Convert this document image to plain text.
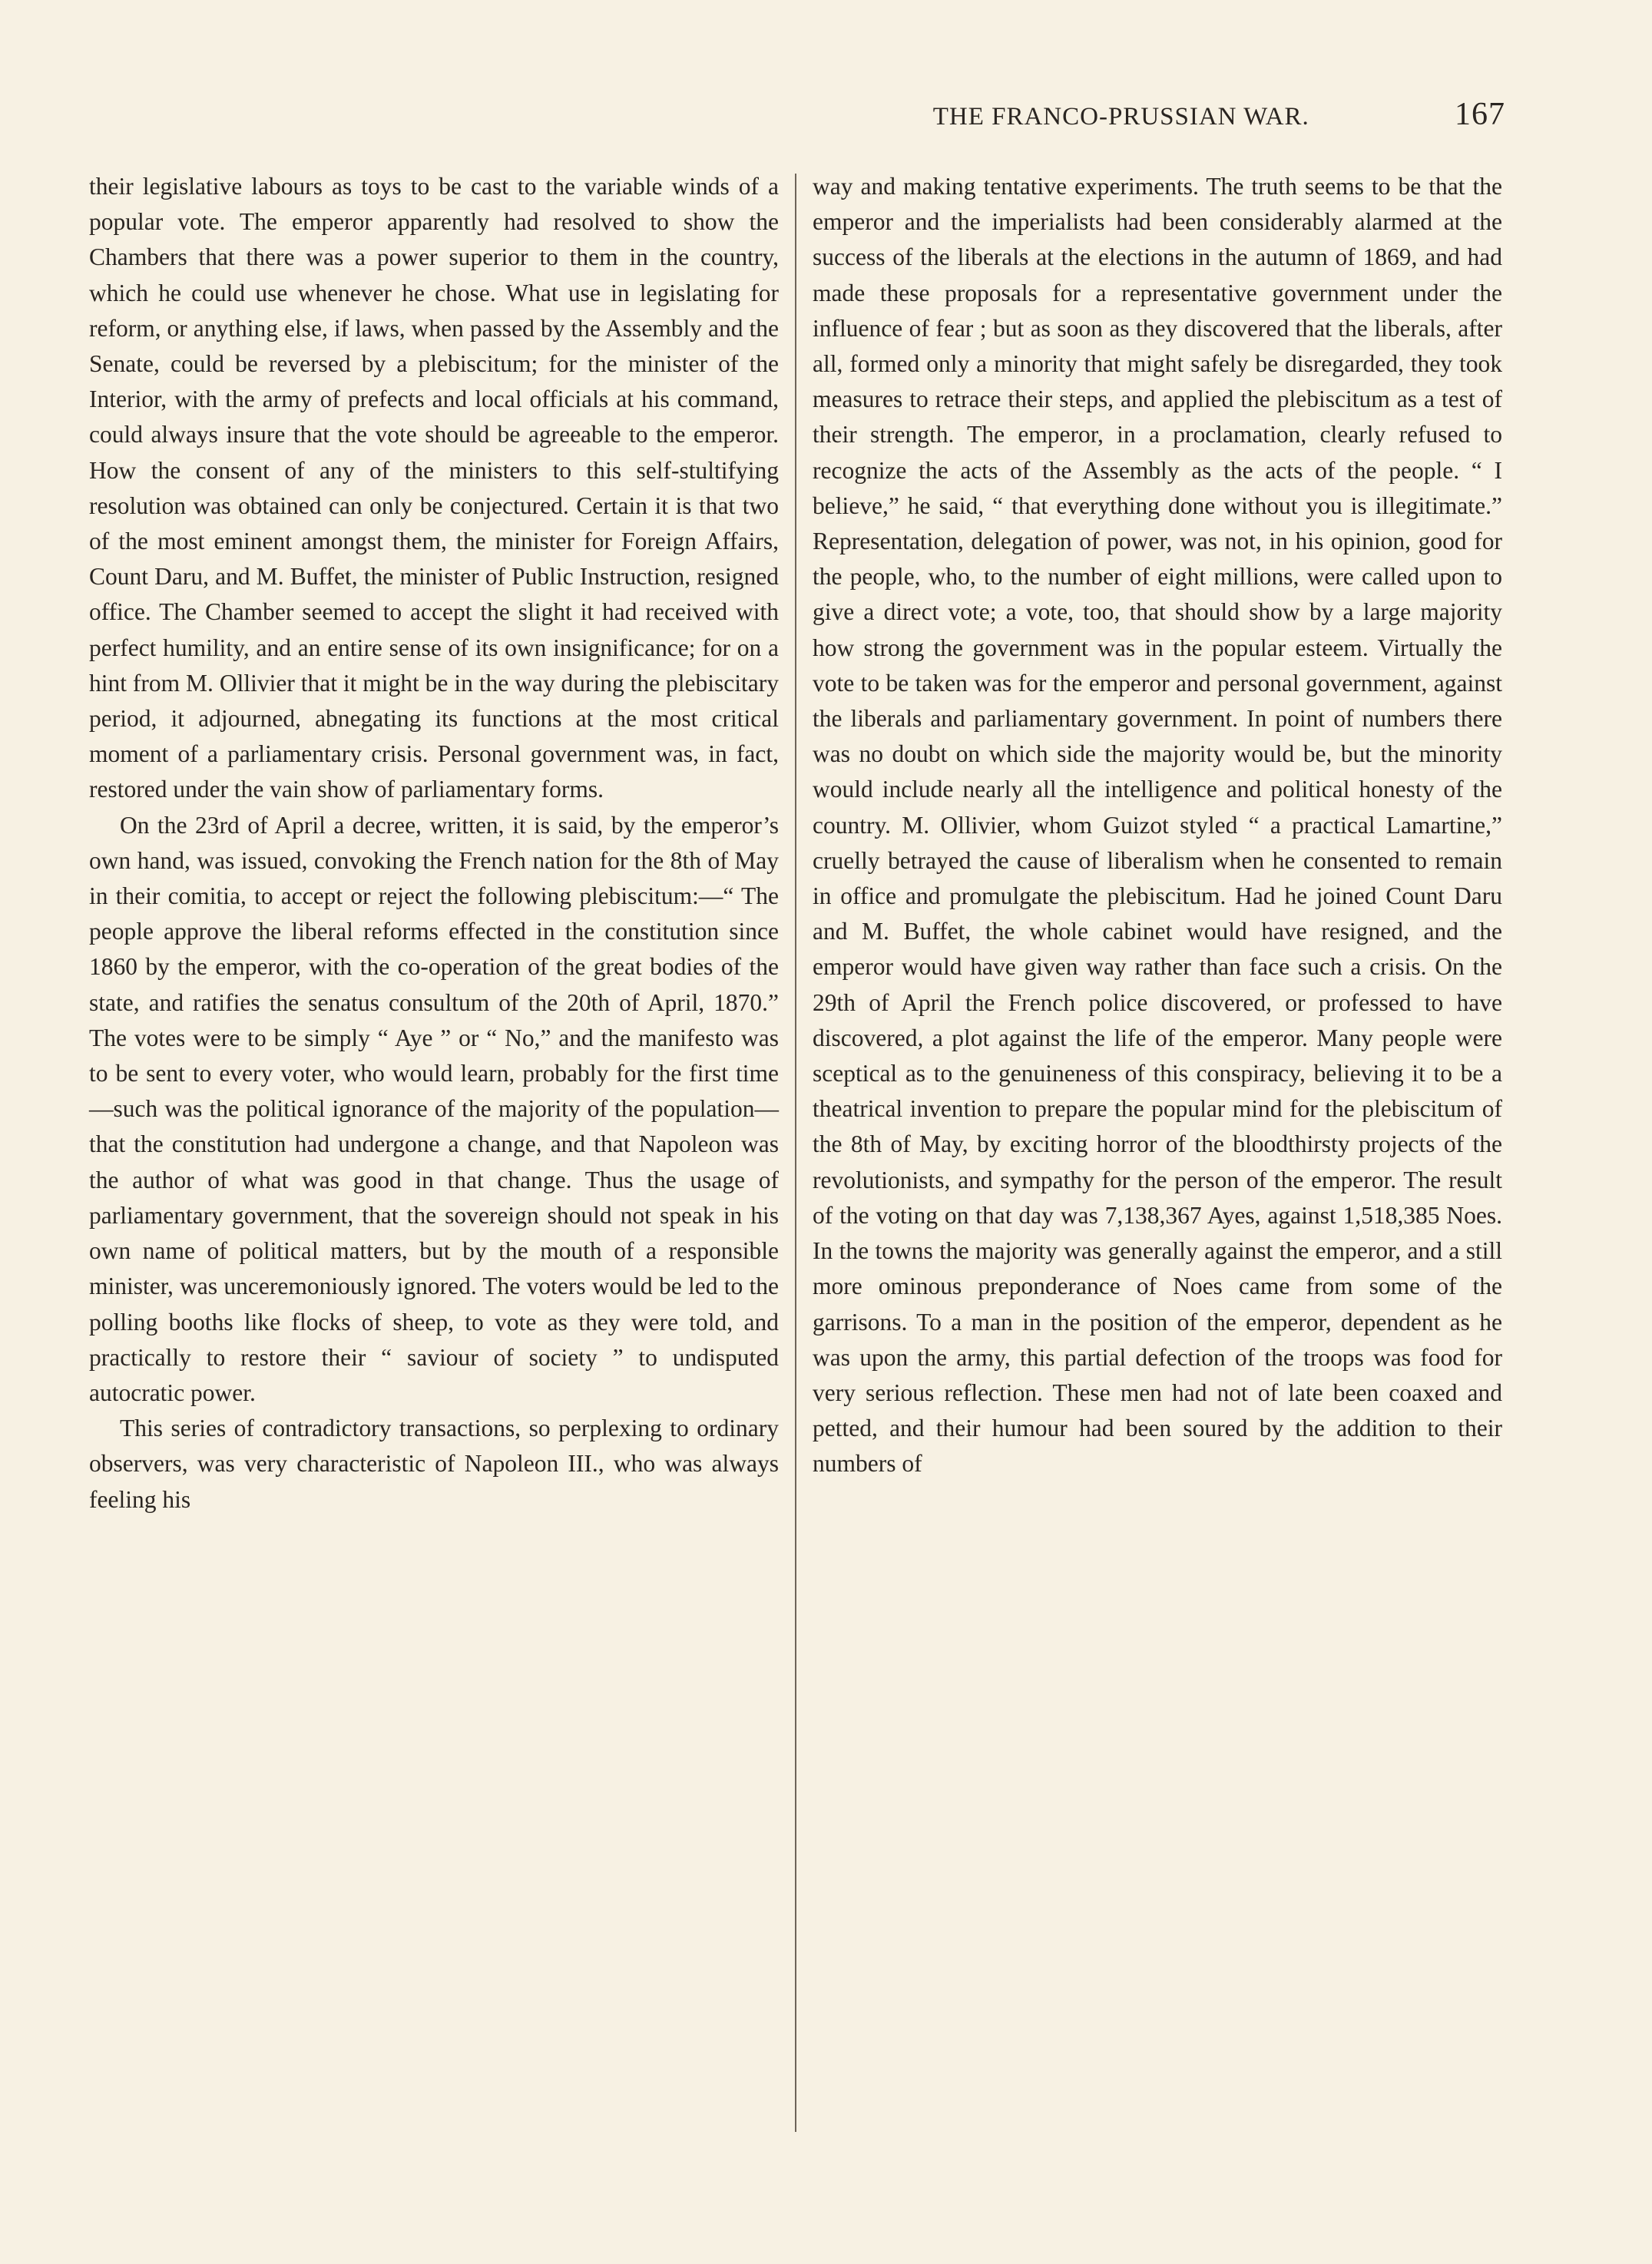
THE FRANCO-PRUSSIAN WAR.	167

their legislative labours as toys to be cast to the variable winds of a popular vote. The emperor apparently had resolved to show the Chambers that there was a power superior to them in the country, which he could use whenever he chose. What use in legislating for reform, or anything else, if laws, when passed by the Assembly and the Senate, could be reversed by a plebiscitum; for the minister of the Interior, with the army of prefects and local officials at his command, could always insure that the vote should be agreeable to the emperor. How the consent of any of the ministers to this self-stultifying resolution was obtained can only be conjectured. Certain it is that two of the most eminent amongst them, the minister for Foreign Affairs, Count Daru, and M. Buffet, the minister of Public Instruction, resigned office. The Chamber seemed to accept the slight it had received with perfect humility, and an entire sense of its own insignificance; for on a hint from M. Ollivier that it might be in the way during the plebiscitary period, it adjourned, abnegating its functions at the most critical moment of a parliamentary crisis. Personal government was, in fact, restored under the vain show of parliamentary forms.

On the 23rd of April a decree, written, it is said, by the emperor’s own hand, was issued, convoking the French nation for the 8th of May in their comitia, to accept or reject the following plebiscitum:—“ The people approve the liberal reforms effected in the constitution since 1860 by the emperor, with the co-operation of the great bodies of the state, and ratifies the senatus consultum of the 20th of April, 1870.” The votes were to be simply “ Aye ” or “ No,” and the manifesto was to be sent to every voter, who would learn, probably for the first time—such was the political ignorance of the majority of the population—that the constitution had undergone a change, and that Napoleon was the author of what was good in that change. Thus the usage of parliamentary government, that the sovereign should not speak in his own name of political matters, but by the mouth of a responsible minister, was unceremoniously ignored. The voters would be led to the polling booths like flocks of sheep, to vote as they were told, and practically to restore their “ saviour of society ” to undisputed autocratic power.

This series of contradictory transactions, so perplexing to ordinary observers, was very characteristic of Napoleon III., who was always feeling his

way and making tentative experiments. The truth seems to be that the emperor and the imperialists had been considerably alarmed at the success of the liberals at the elections in the autumn of 1869, and had made these proposals for a representative government under the influence of fear ; but as soon as they discovered that the liberals, after all, formed only a minority that might safely be disregarded, they took measures to retrace their steps, and applied the plebiscitum as a test of their strength. The emperor, in a proclamation, clearly refused to recognize the acts of the Assembly as the acts of the people. “ I believe,” he said, “ that everything done without you is illegitimate.” Representation, delegation of power, was not, in his opinion, good for the people, who, to the number of eight millions, were called upon to give a direct vote; a vote, too, that should show by a large majority how strong the government was in the popular esteem. Virtually the vote to be taken was for the emperor and personal government, against the liberals and parliamentary government. In point of numbers there was no doubt on which side the majority would be, but the minority would include nearly all the intelligence and political honesty of the country. M. Ollivier, whom Guizot styled “ a practical Lamartine,” cruelly betrayed the cause of liberalism when he consented to remain in office and promulgate the plebiscitum. Had he joined Count Daru and M. Buffet, the whole cabinet would have resigned, and the emperor would have given way rather than face such a crisis. On the 29th of April the French police discovered, or professed to have discovered, a plot against the life of the emperor. Many people were sceptical as to the genuineness of this conspiracy, believing it to be a theatrical invention to prepare the popular mind for the plebiscitum of the 8th of May, by exciting horror of the bloodthirsty projects of the revolutionists, and sympathy for the person of the emperor. The result of the voting on that day was 7,138,367 Ayes, against 1,518,385 Noes. In the towns the majority was generally against the emperor, and a still more ominous preponderance of Noes came from some of the garrisons. To a man in the position of the emperor, dependent as he was upon the army, this partial defection of the troops was food for very serious reflection. These men had not of late been coaxed and petted, and their humour had been soured by the addition to their numbers of
